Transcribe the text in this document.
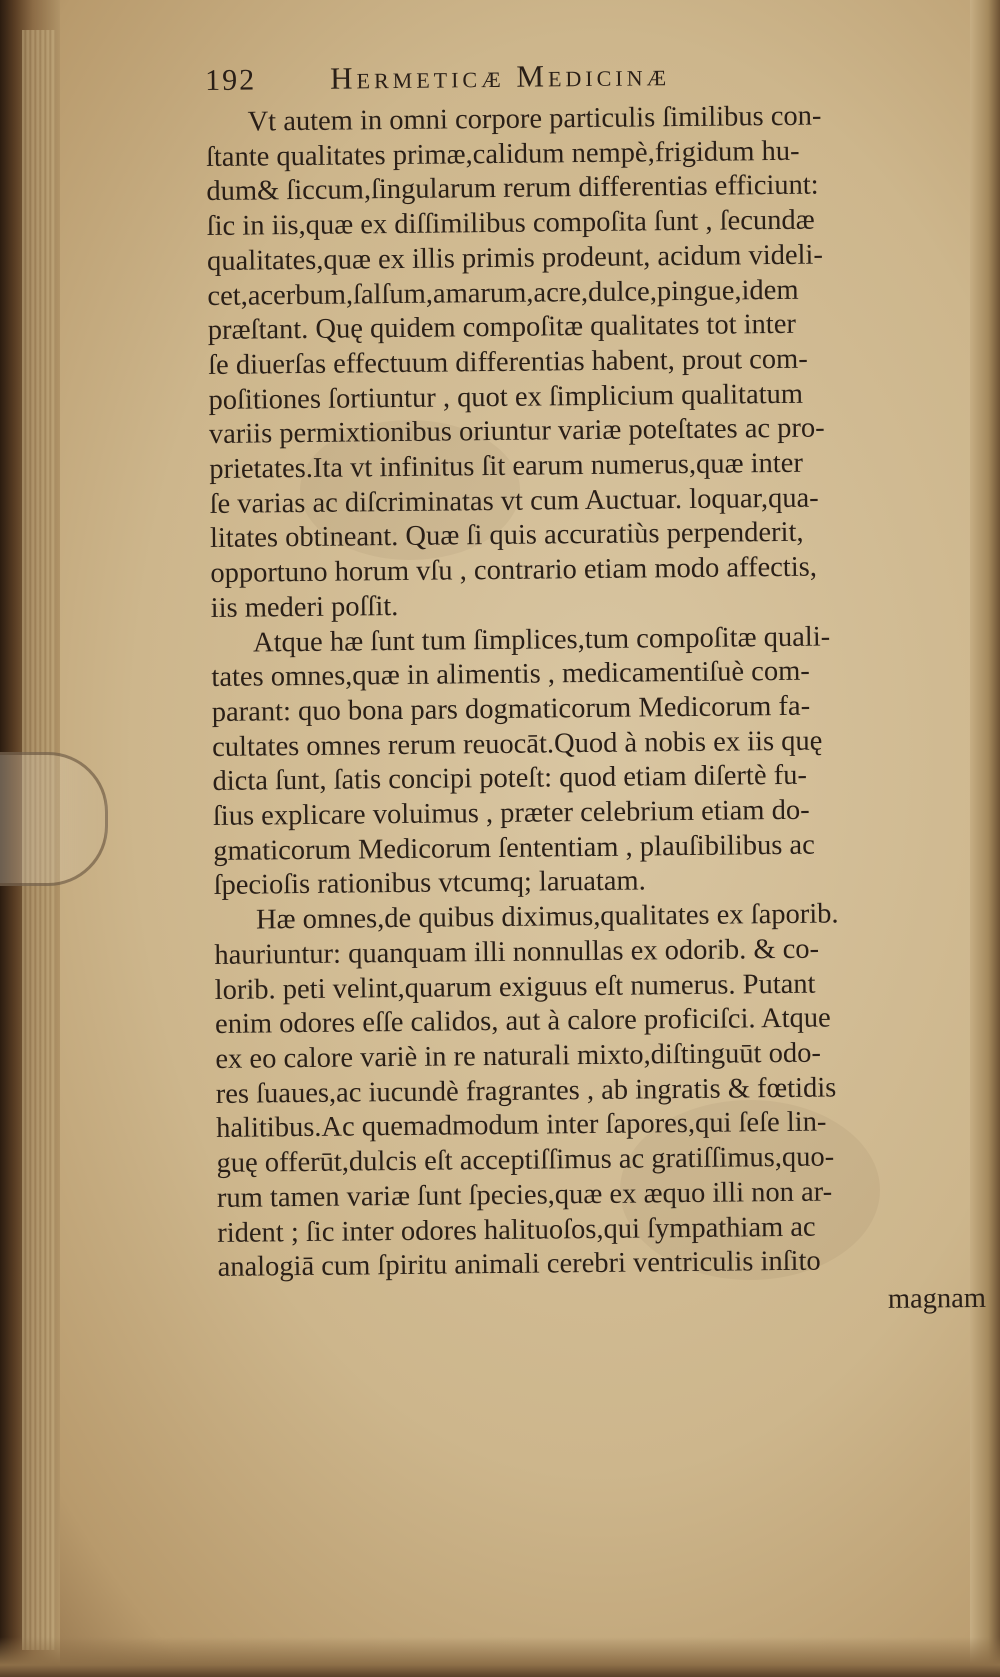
192	Hermeticæ Medicinæ

Vt autem in omni corpore particulis ſimilibus con-
ſtante qualitates primæ,calidum nempè,frigidum hu-
dum& ſiccum,ſingularum rerum differentias efficiunt:
ſic in iis,quæ ex diſſimilibus compoſita ſunt , ſecundæ
qualitates,quæ ex illis primis prodeunt, acidum videli-
cet,acerbum,ſalſum,amarum,acre,dulce,pingue,idem
præſtant. Quę quidem compoſitæ qualitates tot inter
ſe diuerſas effectuum differentias habent, prout com-
poſitiones ſortiuntur , quot ex ſimplicium qualitatum
variis permixtionibus oriuntur variæ poteſtates ac pro-
prietates.Ita vt infinitus ſit earum numerus,quæ inter
ſe varias ac diſcriminatas vt cum Auctuar. loquar,qua-
litates obtineant. Quæ ſi quis accuratiùs perpenderit,
opportuno horum vſu , contrario etiam modo affectis,
iis mederi poſſit.

Atque hæ ſunt tum ſimplices,tum compoſitæ quali-
tates omnes,quæ in alimentis , medicamentiſuè com-
parant: quo bona pars dogmaticorum Medicorum fa-
cultates omnes rerum reuocāt.Quod à nobis ex iis quę
dicta ſunt, ſatis concipi poteſt: quod etiam diſertè fu-
ſius explicare voluimus , præter celebrium etiam do-
gmaticorum Medicorum ſententiam , plauſibilibus ac
ſpecioſis rationibus vtcumq; laruatam.

Hæ omnes,de quibus diximus,qualitates ex ſaporib.
hauriuntur: quanquam illi nonnullas ex odorib. & co-
lorib. peti velint,quarum exiguus eſt numerus. Putant
enim odores eſſe calidos, aut à calore proficiſci. Atque
ex eo calore variè in re naturali mixto,diſtinguūt odo-
res ſuaues,ac iucundè fragrantes , ab ingratis & fœtidis
halitibus.Ac quemadmodum inter ſapores,qui ſeſe lin-
guę offerūt,dulcis eſt acceptiſſimus ac gratiſſimus,quo-
rum tamen variæ ſunt ſpecies,quæ ex æquo illi non ar-
rident ; ſic inter odores halituoſos,qui ſympathiam ac
analogiā cum ſpiritu animali cerebri ventriculis inſito

magnam
